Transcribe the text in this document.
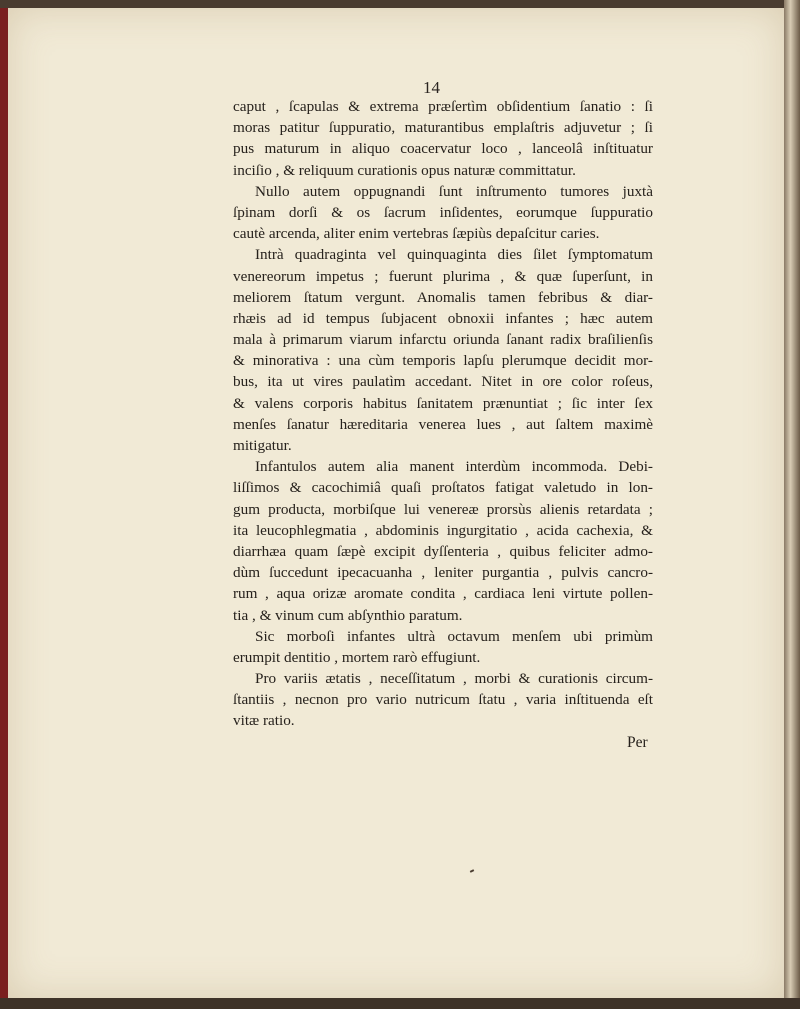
14
caput , ſcapulas & extrema præſertìm obſidentium ſanatio : ſi
moras patitur ſuppuratio, maturantibus emplaſtris adjuvetur ; ſi
pus maturum in aliquo coacervatur loco , lanceolâ inſtituatur
inciſio , & reliquum curationis opus naturæ committatur.
Nullo autem oppugnandi ſunt inſtrumento tumores juxtà
ſpinam dorſi & os ſacrum inſidentes, eorumque ſuppuratio
cautè arcenda, aliter enim vertebras ſæpiùs depaſcitur caries.
Intrà quadraginta vel quinquaginta dies ſilet ſymptomatum
venereorum impetus ; fuerunt plurima , & quæ ſuperſunt, in
meliorem ſtatum vergunt. Anomalis tamen febribus & diar-
rhæis ad id tempus ſubjacent obnoxii infantes ; hæc autem
mala à primarum viarum infarctu oriunda ſanant radix braſilienſis
& minorativa : una cùm temporis lapſu plerumque decidit mor-
bus, ita ut vires paulatìm accedant. Nitet in ore color roſeus,
& valens corporis habitus ſanitatem prænuntiat ; ſic inter ſex
menſes ſanatur hæreditaria venerea lues , aut ſaltem maximè
mitigatur.
Infantulos autem alia manent interdùm incommoda. Debi-
liſſimos & cacochimiâ quaſi proſtatos fatigat valetudo in lon-
gum producta, morbiſque lui venereæ prorsùs alienis retardata ;
ita leucophlegmatia , abdominis ingurgitatio , acida cachexia, &
diarrhæa quam ſæpè excipit dyſſenteria , quibus feliciter admo-
dùm ſuccedunt ipecacuanha , leniter purgantia , pulvis cancro-
rum , aqua orizæ aromate condita , cardiaca leni virtute pollen-
tia , & vinum cum abſynthio paratum.
Sic morboſi infantes ultrà octavum menſem ubi primùm
erumpit dentitio , mortem rarò effugiunt.
Pro variis ætatis , neceſſitatum , morbi & curationis circum-
ſtantiis , necnon pro vario nutricum ſtatu , varia inſtituenda eſt
vitæ ratio.
Per
